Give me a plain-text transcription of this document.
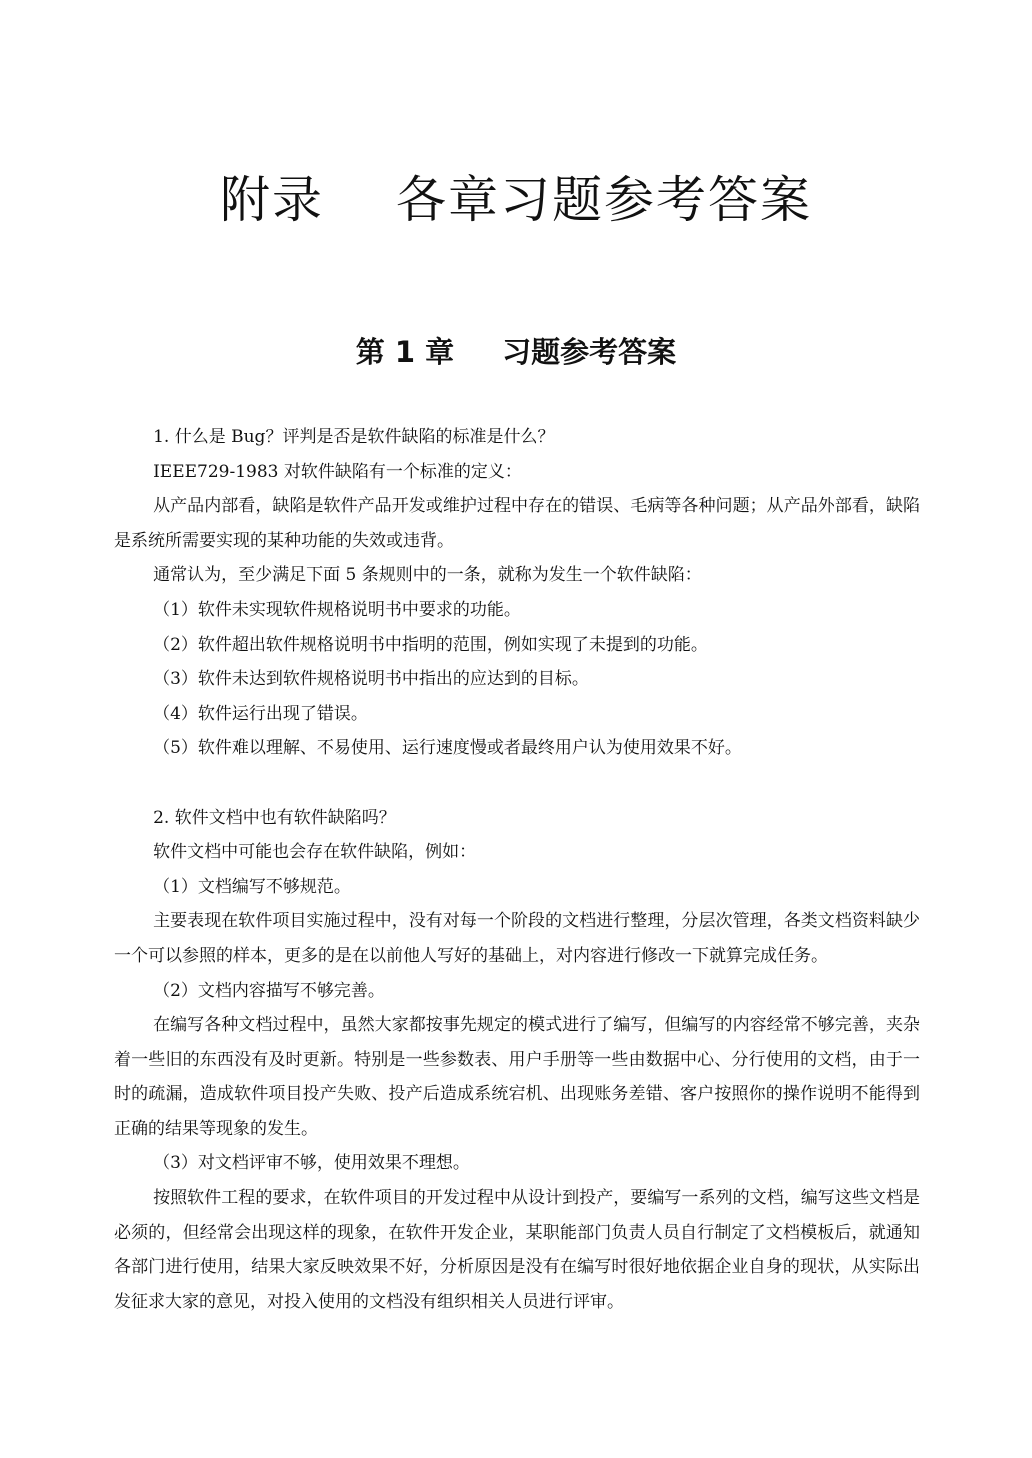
附录 各章习题参考答案
第 1 章 习题参考答案

1. 什么是 Bug？评判是否是软件缺陷的标准是什么？

IEEE729-1983 对软件缺陷有一个标准的定义：

从产品内部看，缺陷是软件产品开发或维护过程中存在的错误、毛病等各种问题；从产品外部看，缺陷是系统所需要实现的某种功能的失效或违背。

通常认为，至少满足下面 5 条规则中的一条，就称为发生一个软件缺陷：

（1）软件未实现软件规格说明书中要求的功能。

（2）软件超出软件规格说明书中指明的范围，例如实现了未提到的功能。

（3）软件未达到软件规格说明书中指出的应达到的目标。

（4）软件运行出现了错误。

（5）软件难以理解、不易使用、运行速度慢或者最终用户认为使用效果不好。

2. 软件文档中也有软件缺陷吗？

软件文档中可能也会存在软件缺陷，例如：

（1）文档编写不够规范。

主要表现在软件项目实施过程中，没有对每一个阶段的文档进行整理，分层次管理，各类文档资料缺少一个可以参照的样本，更多的是在以前他人写好的基础上，对内容进行修改一下就算完成任务。

（2）文档内容描写不够完善。

在编写各种文档过程中，虽然大家都按事先规定的模式进行了编写，但编写的内容经常不够完善，夹杂着一些旧的东西没有及时更新。特别是一些参数表、用户手册等一些由数据中心、分行使用的文档，由于一时的疏漏，造成软件项目投产失败、投产后造成系统宕机、出现账务差错、客户按照你的操作说明不能得到正确的结果等现象的发生。

（3）对文档评审不够，使用效果不理想。

按照软件工程的要求，在软件项目的开发过程中从设计到投产，要编写一系列的文档，编写这些文档是必须的，但经常会出现这样的现象，在软件开发企业，某职能部门负责人员自行制定了文档模板后，就通知各部门进行使用，结果大家反映效果不好，分析原因是没有在编写时很好地依据企业自身的现状，从实际出发征求大家的意见，对投入使用的文档没有组织相关人员进行评审。
